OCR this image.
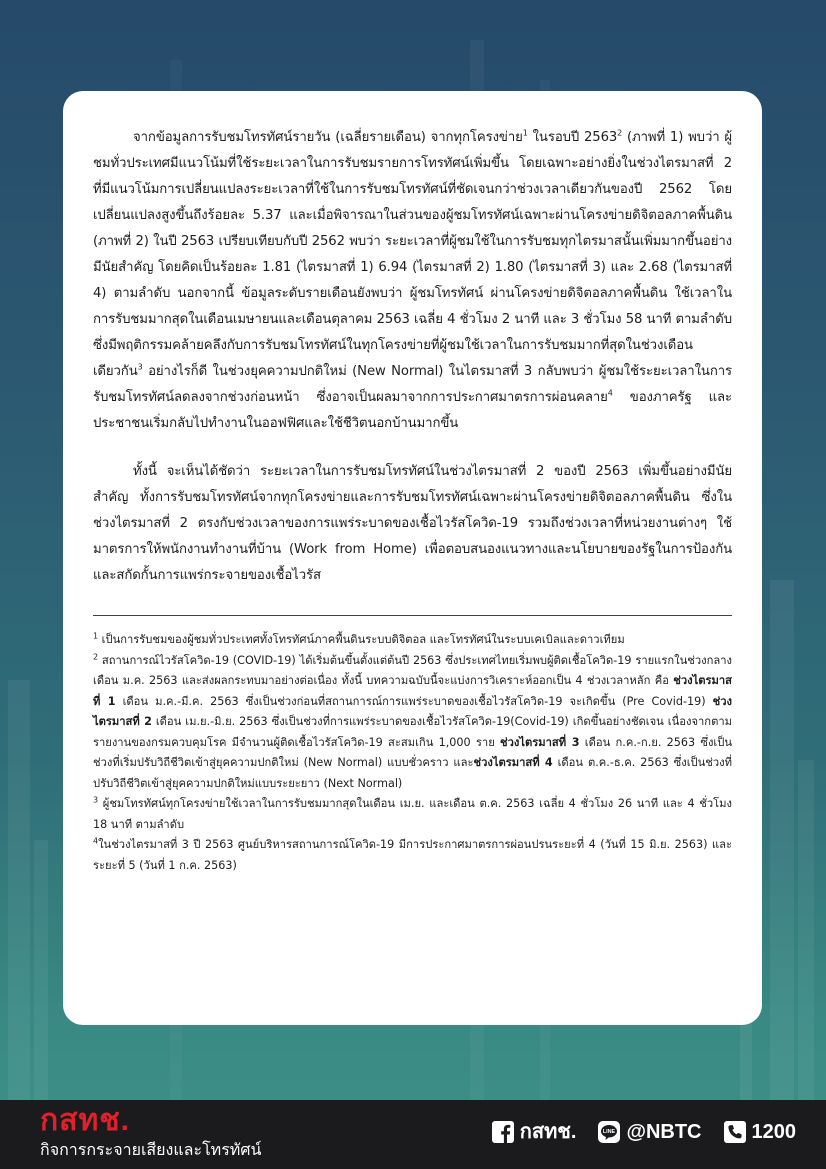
จากข้อมูลการรับชมโทรทัศน์รายวัน (เฉลี่ยรายเดือน) จากทุกโครงข่าย$^1$ ในรอบปี 2563$^2$ (ภาพที่ 1) พบว่า ผู้ชมทั่วประเทศมีแนวโน้มที่ใช้ระยะเวลาในการรับชมรายการโทรทัศน์เพิ่มขึ้น โดยเฉพาะอย่างยิ่งในช่วงไตรมาสที่ 2 ที่มีแนวโน้มการเปลี่ยนแปลงระยะเวลาที่ใช้ในการรับชมโทรทัศน์ที่ชัดเจนกว่าช่วงเวลาเดียวกันของปี 2562 โดยเปลี่ยนแปลงสูงขึ้นถึงร้อยละ 5.37 และเมื่อพิจารณาในส่วนของผู้ชมโทรทัศน์เฉพาะผ่านโครงข่ายดิจิตอลภาคพื้นดิน (ภาพที่ 2) ในปี 2563 เปรียบเทียบกับปี 2562 พบว่า ระยะเวลาที่ผู้ชมใช้ในการรับชมทุกไตรมาสนั้นเพิ่มมากขึ้นอย่างมีนัยสำคัญ โดยคิดเป็นร้อยละ 1.81 (ไตรมาสที่ 1) 6.94 (ไตรมาสที่ 2) 1.80 (ไตรมาสที่ 3) และ 2.68 (ไตรมาสที่ 4) ตามลำดับ นอกจากนี้ ข้อมูลระดับรายเดือนยังพบว่า ผู้ชมโทรทัศน์ ผ่านโครงข่ายดิจิตอลภาคพื้นดิน ใช้เวลาในการรับชมมากสุดในเดือนเมษายนและเดือนตุลาคม 2563 เฉลี่ย 4 ชั่วโมง 2 นาที และ 3 ชั่วโมง 58 นาที ตามลำดับ ซึ่งมีพฤติกรรมคล้ายคลึงกับการรับชมโทรทัศน์ในทุกโครงข่ายที่ผู้ชมใช้เวลาในการรับชมมากที่สุดในช่วงเดือนเดียวกัน$^3$ อย่างไรก็ดี ในช่วงยุคความปกติใหม่ (New Normal) ในไตรมาสที่ 3 กลับพบว่า ผู้ชมใช้ระยะเวลาในการรับชมโทรทัศน์ลดลงจากช่วงก่อนหน้า ซึ่งอาจเป็นผลมาจากการประกาศมาตรการผ่อนคลาย$^4$ ของภาครัฐ และประชาชนเริ่มกลับไปทำงานในออฟฟิศและใช้ชีวิตนอกบ้านมากขึ้น

ทั้งนี้ จะเห็นได้ชัดว่า ระยะเวลาในการรับชมโทรทัศน์ในช่วงไตรมาสที่ 2 ของปี 2563 เพิ่มขึ้นอย่างมีนัยสำคัญ ทั้งการรับชมโทรทัศน์จากทุกโครงข่ายและการรับชมโทรทัศน์เฉพาะผ่านโครงข่ายดิจิตอลภาคพื้นดิน ซึ่งในช่วงไตรมาสที่ 2 ตรงกับช่วงเวลาของการแพร่ระบาดของเชื้อไวรัสโควิด-19 รวมถึงช่วงเวลาที่หน่วยงานต่างๆ ใช้มาตรการให้พนักงานทำงานที่บ้าน (Work from Home) เพื่อตอบสนองแนวทางและนโยบายของรัฐในการป้องกันและสกัดกั้นการแพร่กระจายของเชื้อไวรัส

$^1$ เป็นการรับชมของผู้ชมทั่วประเทศทั้งโทรทัศน์ภาคพื้นดินระบบดิจิตอล และโทรทัศน์ในระบบเคเบิลและดาวเทียม

$^2$ สถานการณ์ไวรัสโควิด-19 (COVID-19) ได้เริ่มต้นขึ้นตั้งแต่ต้นปี 2563 ซึ่งประเทศไทยเริ่มพบผู้ติดเชื้อโควิด-19 รายแรกในช่วงกลางเดือน ม.ค. 2563 และส่งผลกระทบมาอย่างต่อเนื่อง ทั้งนี้ บทความฉบับนี้จะแบ่งการวิเคราะห์ออกเป็น 4 ช่วงเวลาหลัก คือ ช่วงไตรมาสที่ 1 เดือน ม.ค.-มี.ค. 2563 ซึ่งเป็นช่วงก่อนที่สถานการณ์การแพร่ระบาดของเชื้อไวรัสโควิด-19 จะเกิดขึ้น (Pre Covid-19) ช่วงไตรมาสที่ 2 เดือน เม.ย.-มิ.ย. 2563 ซึ่งเป็นช่วงที่การแพร่ระบาดของเชื้อไวรัสโควิด-19(Covid-19) เกิดขึ้นอย่างชัดเจน เนื่องจากตามรายงานของกรมควบคุมโรค มีจำนวนผู้ติดเชื้อไวรัสโควิด-19 สะสมเกิน 1,000 ราย ช่วงไตรมาสที่ 3 เดือน ก.ค.-ก.ย. 2563 ซึ่งเป็นช่วงที่เริ่มปรับวิถีชีวิตเข้าสู่ยุคความปกติใหม่ (New Normal) แบบชั่วคราว และช่วงไตรมาสที่ 4 เดือน ต.ค.-ธ.ค. 2563 ซึ่งเป็นช่วงที่ปรับวิถีชีวิตเข้าสู่ยุคความปกติใหม่แบบระยะยาว (Next Normal)

$^3$ ผู้ชมโทรทัศน์ทุกโครงข่ายใช้เวลาในการรับชมมากสุดในเดือน เม.ย. และเดือน ต.ค. 2563 เฉลี่ย 4 ชั่วโมง 26 นาที และ 4 ชั่วโมง 18 นาที ตามลำดับ

$^4$ในช่วงไตรมาสที่ 3 ปี 2563 ศูนย์บริหารสถานการณ์โควิด-19 มีการประกาศมาตรการผ่อนปรนระยะที่ 4 (วันที่ 15 มิ.ย. 2563) และระยะที่ 5 (วันที่ 1 ก.ค. 2563)

กสทช.
กิจการกระจายเสียงและโทรทัศน์
กสทช.	LINE @NBTC	1200
